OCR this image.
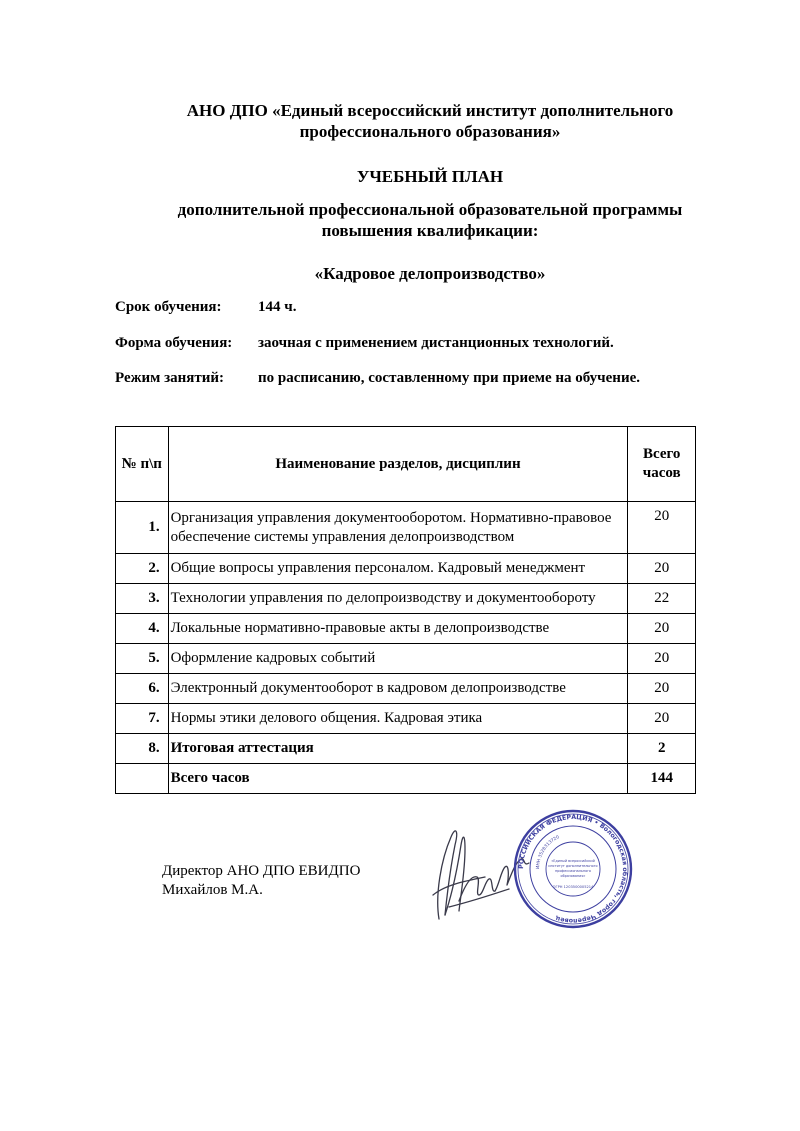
АНО ДПО «Единый всероссийский институт дополнительного
профессионального образования»
УЧЕБНЫЙ ПЛАН
дополнительной профессиональной образовательной программы
повышения квалификации:
«Кадровое делопроизводство»
Срок обучения: 144 ч.
Форма обучения: заочная с применением дистанционных технологий.
Режим занятий: по расписанию, составленному при приеме на обучение.
№ п\п	Наименование разделов, дисциплин	Всего
часов
1.	Организация управления документооборотом. Нормативно-правовое обеспечение системы управления делопроизводством	20
2.	Общие вопросы управления персоналом. Кадровый менеджмент	20
3.	Технологии управления по делопроизводству и документообороту	22
4.	Локальные нормативно-правовые акты в делопроизводстве	20
5.	Оформление кадровых событий	20
6.	Электронный документооборот в кадровом делопроизводстве	20
7.	Нормы этики делового общения. Кадровая этика	20
8.	Итоговая аттестация	2
	Всего часов	144
Директор АНО ДПО ЕВИДПО
Михайлов М.А.
РОССИЙСКАЯ ФЕДЕРАЦИЯ • Вологодская область, город Череповец
ИНН 3528313720
«Единый всероссийский
институт дополнительного
профессионального
образования»
ОГРН 1203500005214
